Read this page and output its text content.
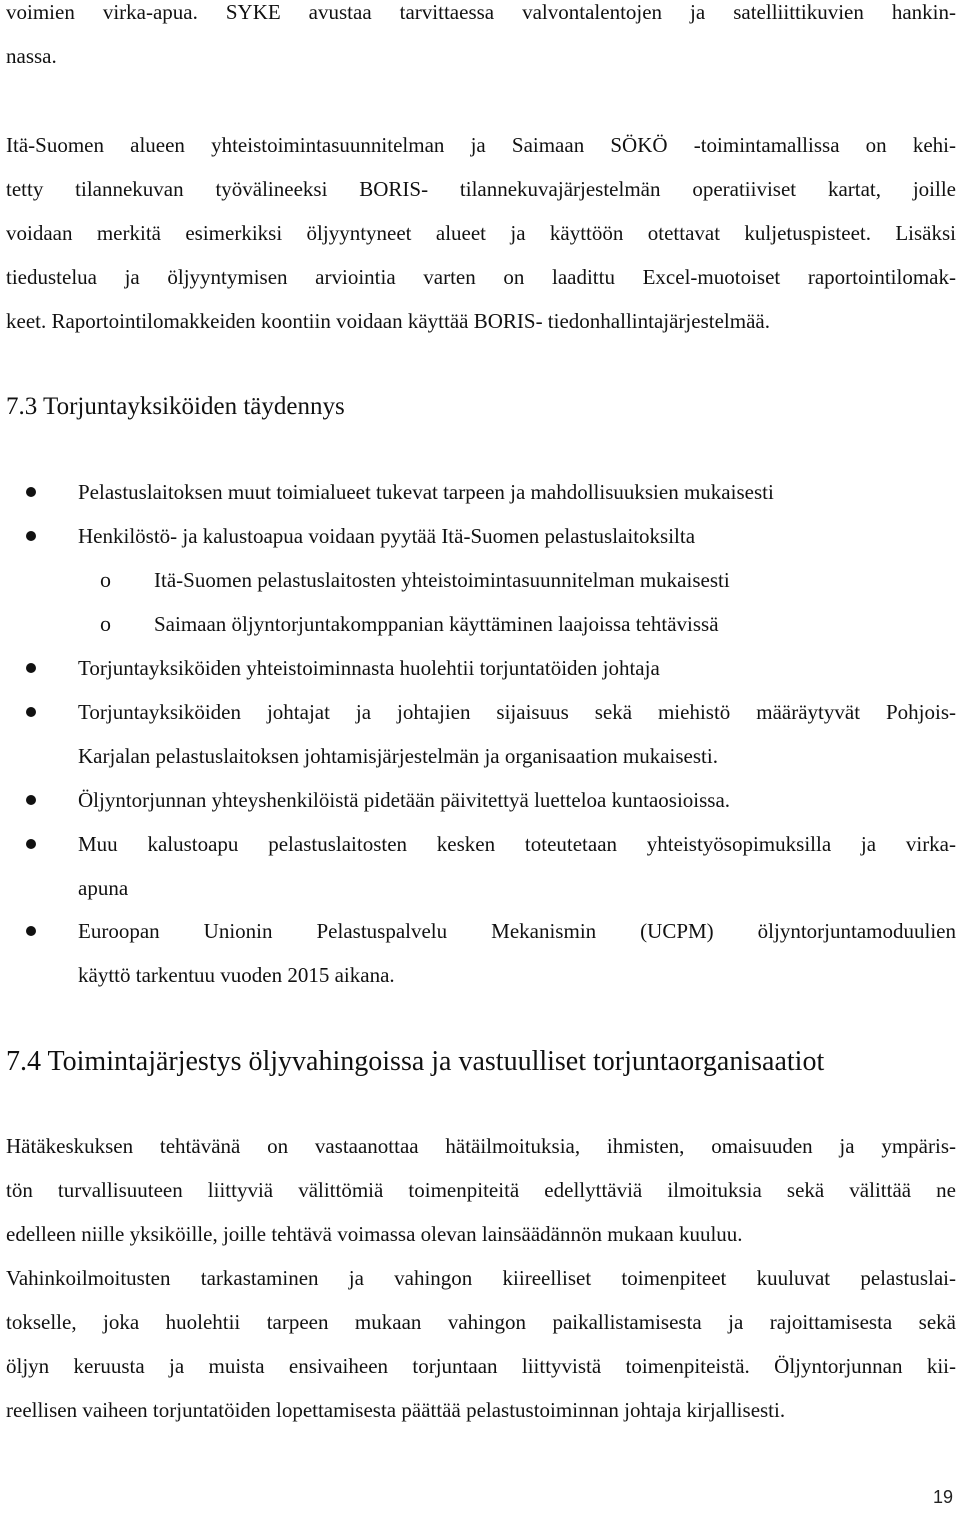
voimien virka-apua. SYKE avustaa tarvittaessa valvontalentojen ja satelliittikuvien hankin-
nassa.
Itä-Suomen alueen yhteistoimintasuunnitelman ja Saimaan SÖKÖ -toimintamallissa on kehi-
tetty tilannekuvan työvälineeksi BORIS- tilannekuvajärjestelmän operatiiviset kartat, joille
voidaan merkitä esimerkiksi öljyyntyneet alueet ja käyttöön otettavat kuljetuspisteet. Lisäksi
tiedustelua ja öljyyntymisen arviointia varten on laadittu Excel-muotoiset raportointilomak-
keet. Raportointilomakkeiden koontiin voidaan käyttää BORIS- tiedonhallintajärjestelmää.
7.3 Torjuntayksiköiden täydennys
Pelastuslaitoksen muut toimialueet tukevat tarpeen ja mahdollisuuksien mukaisesti
Henkilöstö- ja kalustoapua voidaan pyytää Itä-Suomen pelastuslaitoksilta
o Itä-Suomen pelastuslaitosten yhteistoimintasuunnitelman mukaisesti
o Saimaan öljyntorjuntakomppanian käyttäminen laajoissa tehtävissä
Torjuntayksiköiden yhteistoiminnasta huolehtii torjuntatöiden johtaja
Torjuntayksiköiden johtajat ja johtajien sijaisuus sekä miehistö määräytyvät Pohjois-
Karjalan pelastuslaitoksen johtamisjärjestelmän ja organisaation mukaisesti.
Öljyntorjunnan yhteyshenkilöistä pidetään päivitettyä luetteloa kuntaosioissa.
Muu kalustoapu pelastuslaitosten kesken toteutetaan yhteistyösopimuksilla ja virka-
apuna
Euroopan Unionin Pelastuspalvelu Mekanismin (UCPM) öljyntorjuntamoduulien
käyttö tarkentuu vuoden 2015 aikana.
7.4 Toimintajärjestys öljyvahingoissa ja vastuulliset torjuntaorganisaatiot
Hätäkeskuksen tehtävänä on vastaanottaa hätäilmoituksia, ihmisten, omaisuuden ja ympäris-
tön turvallisuuteen liittyviä välittömiä toimenpiteitä edellyttäviä ilmoituksia sekä välittää ne
edelleen niille yksiköille, joille tehtävä voimassa olevan lainsäädännön mukaan kuuluu.
Vahinkoilmoitusten tarkastaminen ja vahingon kiireelliset toimenpiteet kuuluvat pelastuslai-
tokselle, joka huolehtii tarpeen mukaan vahingon paikallistamisesta ja rajoittamisesta sekä
öljyn keruusta ja muista ensivaiheen torjuntaan liittyvistä toimenpiteistä. Öljyntorjunnan kii-
reellisen vaiheen torjuntatöiden lopettamisesta päättää pelastustoiminnan johtaja kirjallisesti.
19
